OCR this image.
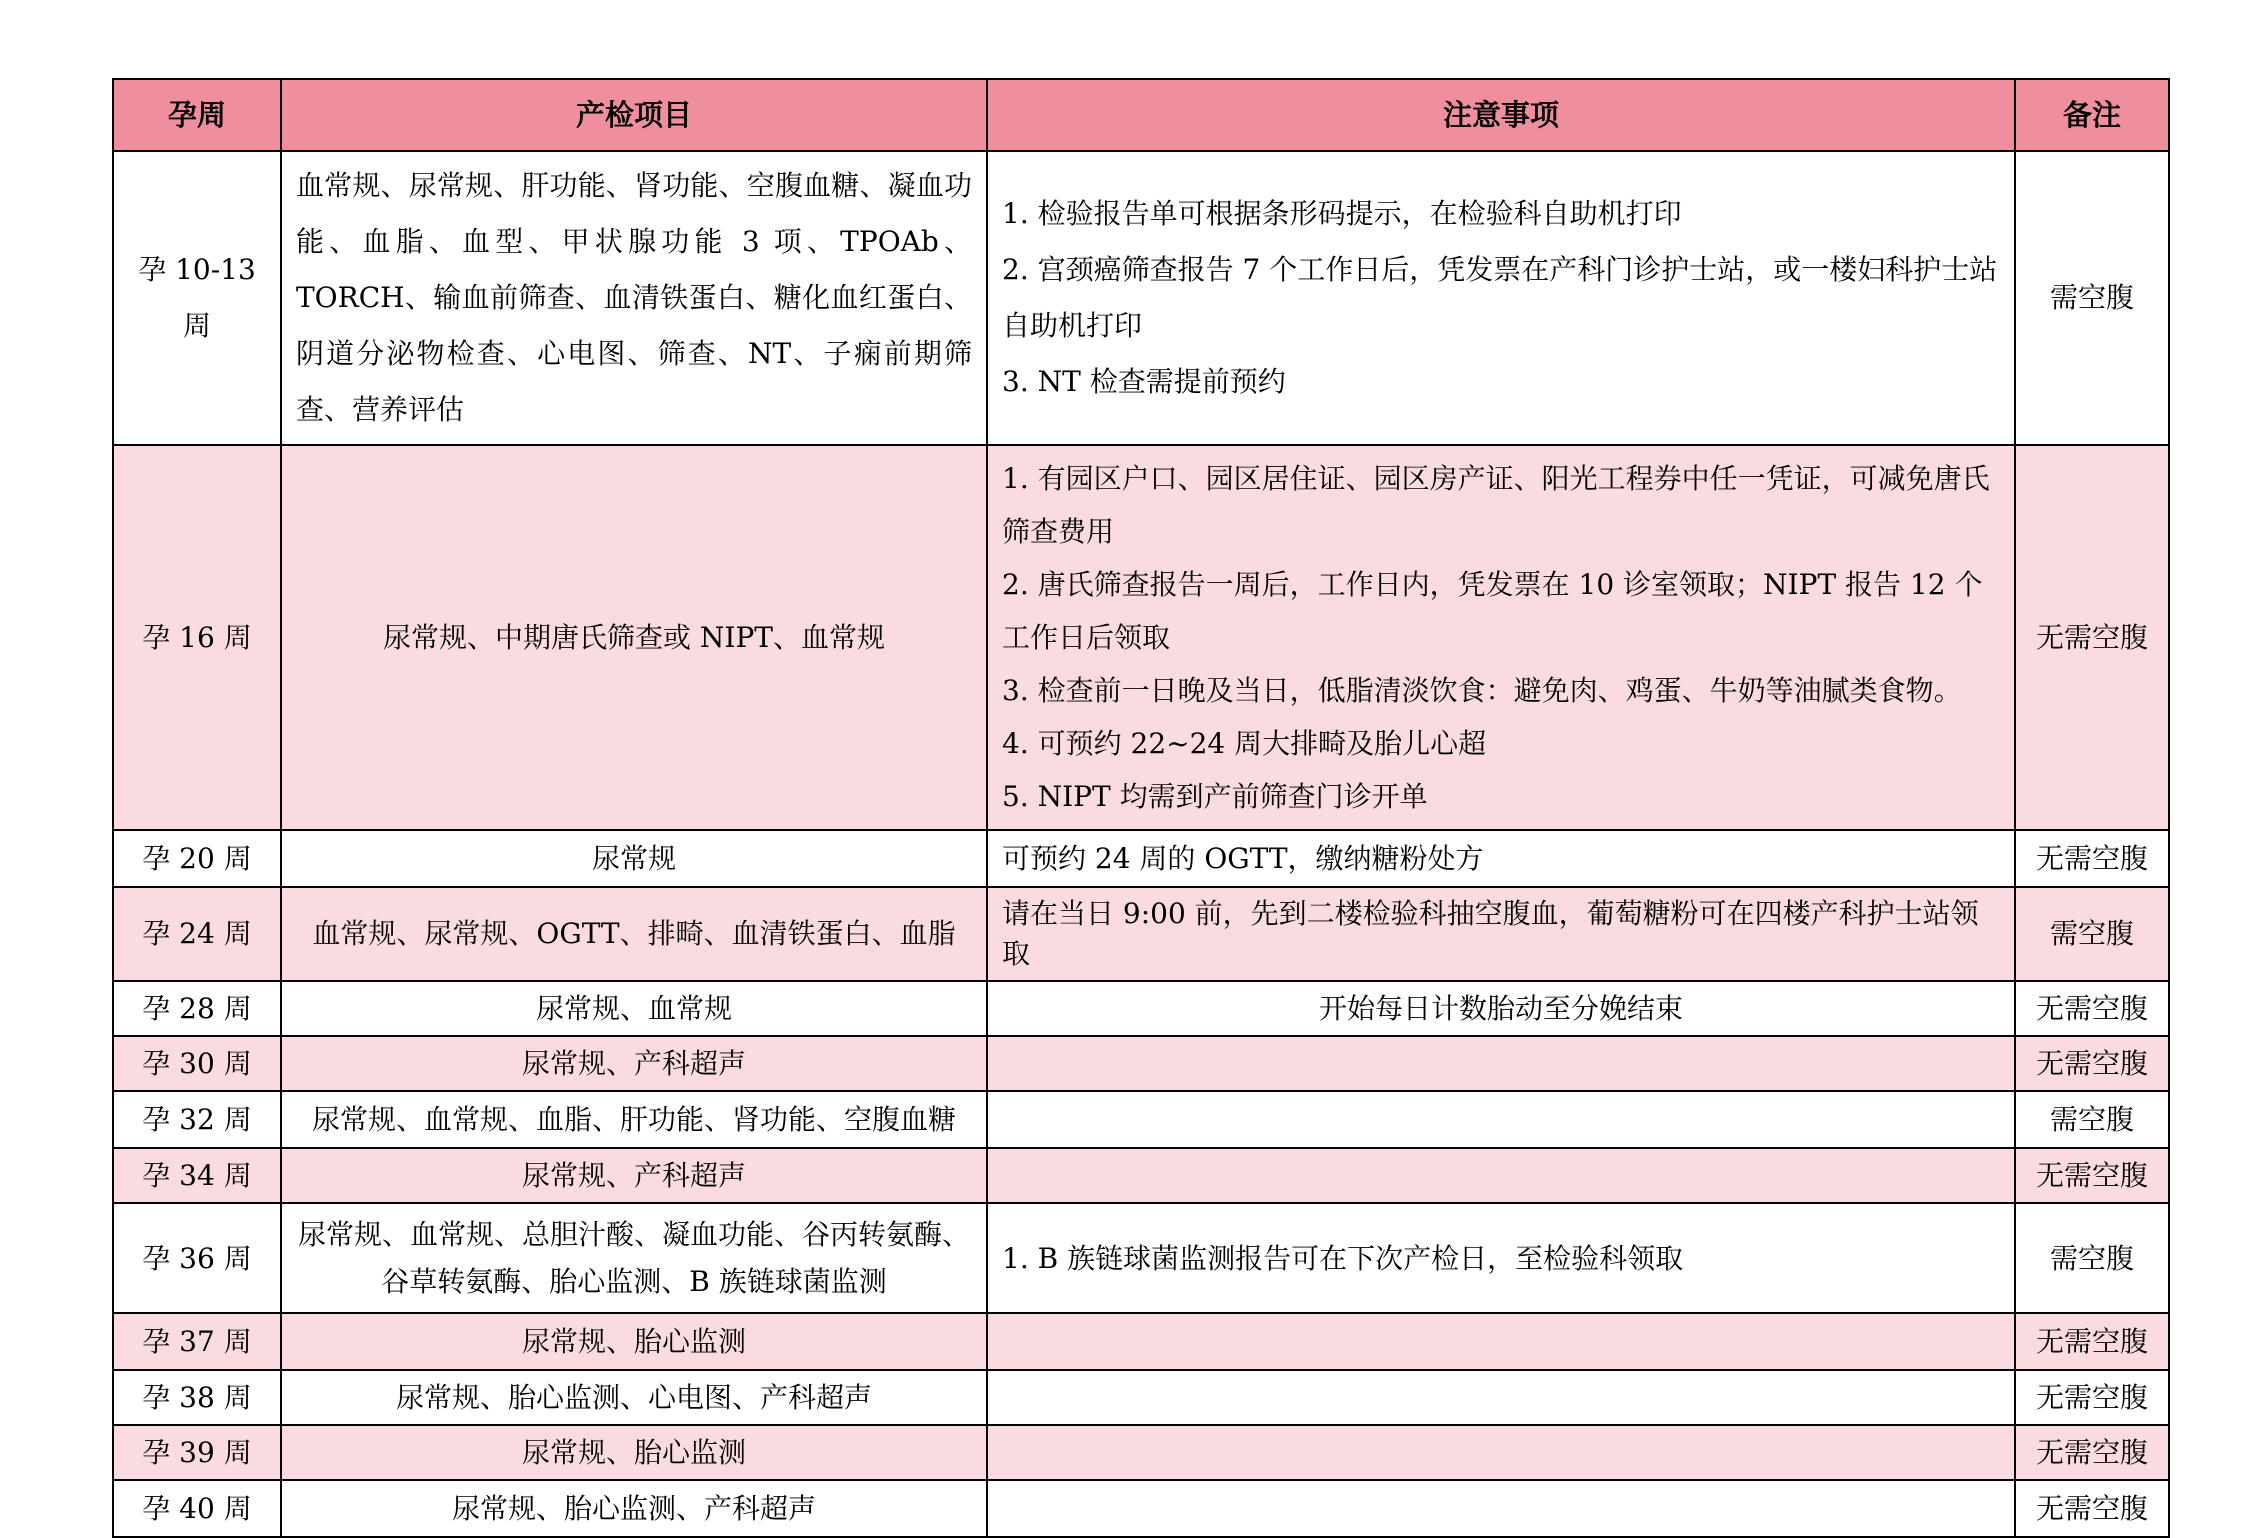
孕周	产检项目	注意事项	备注
孕 10-13 周	血常规、尿常规、肝功能、肾功能、空腹血糖、凝血功能、血脂、血型、甲状腺功能 3 项、TPOAb、TORCH、输血前筛查、血清铁蛋白、糖化血红蛋白、阴道分泌物检查、心电图、筛查、NT、子痫前期筛查、营养评估	1. 检验报告单可根据条形码提示，在检验科自助机打印
2. 宫颈癌筛查报告 7 个工作日后，凭发票在产科门诊护士站，或一楼妇科护士站自助机打印
3. NT 检查需提前预约	需空腹
孕 16 周	尿常规、中期唐氏筛查或 NIPT、血常规	1. 有园区户口、园区居住证、园区房产证、阳光工程券中任一凭证，可减免唐氏筛查费用
2. 唐氏筛查报告一周后，工作日内，凭发票在 10 诊室领取；NIPT 报告 12 个工作日后领取
3. 检查前一日晚及当日，低脂清淡饮食：避免肉、鸡蛋、牛奶等油腻类食物。
4. 可预约 22~24 周大排畸及胎儿心超
5. NIPT 均需到产前筛查门诊开单	无需空腹
孕 20 周	尿常规	可预约 24 周的 OGTT，缴纳糖粉处方	无需空腹
孕 24 周	血常规、尿常规、OGTT、排畸、血清铁蛋白、血脂	请在当日 9:00 前，先到二楼检验科抽空腹血，葡萄糖粉可在四楼产科护士站领取	需空腹
孕 28 周	尿常规、血常规	开始每日计数胎动至分娩结束	无需空腹
孕 30 周	尿常规、产科超声		无需空腹
孕 32 周	尿常规、血常规、血脂、肝功能、肾功能、空腹血糖		需空腹
孕 34 周	尿常规、产科超声		无需空腹
孕 36 周	尿常规、血常规、总胆汁酸、凝血功能、谷丙转氨酶、谷草转氨酶、胎心监测、B 族链球菌监测	1. B 族链球菌监测报告可在下次产检日，至检验科领取	需空腹
孕 37 周	尿常规、胎心监测		无需空腹
孕 38 周	尿常规、胎心监测、心电图、产科超声		无需空腹
孕 39 周	尿常规、胎心监测		无需空腹
孕 40 周	尿常规、胎心监测、产科超声		无需空腹
